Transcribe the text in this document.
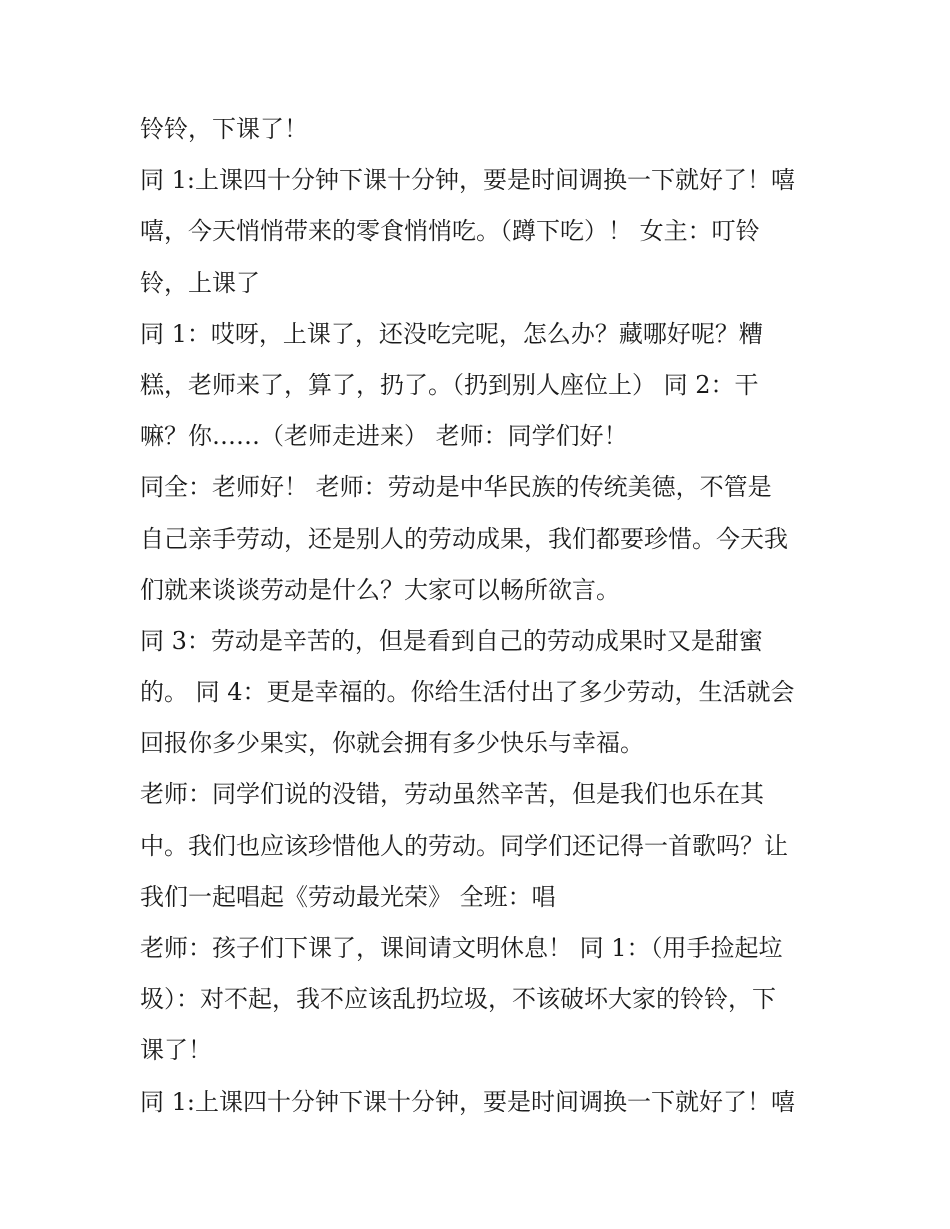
铃铃，下课了！

同 1:上课四十分钟下课十分钟，要是时间调换一下就好了！嘻

嘻，今天悄悄带来的零食悄悄吃。（蹲下吃）！ 女主：叮铃

铃，上课了

同 1：哎呀，上课了，还没吃完呢，怎么办？藏哪好呢？糟

糕，老师来了，算了，扔了。（扔到别人座位上） 同 2：干

嘛？你……（老师走进来） 老师：同学们好！

同全：老师好！ 老师：劳动是中华民族的传统美德，不管是

自己亲手劳动，还是别人的劳动成果，我们都要珍惜。今天我

们就来谈谈劳动是什么？大家可以畅所欲言。

同 3：劳动是辛苦的，但是看到自己的劳动成果时又是甜蜜

的。 同 4：更是幸福的。你给生活付出了多少劳动，生活就会

回报你多少果实，你就会拥有多少快乐与幸福。

老师：同学们说的没错，劳动虽然辛苦，但是我们也乐在其

中。我们也应该珍惜他人的劳动。同学们还记得一首歌吗？让

我们一起唱起《劳动最光荣》 全班：唱

老师：孩子们下课了，课间请文明休息！ 同 1：（用手捡起垃

圾）：对不起，我不应该乱扔垃圾，不该破坏大家的铃铃，下

课了！

同 1:上课四十分钟下课十分钟，要是时间调换一下就好了！嘻
